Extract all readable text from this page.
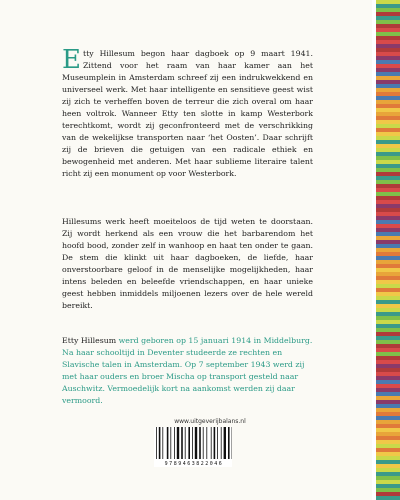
Etty Hillesum begon haar dagboek op 9 maart 1941. Zittend voor het raam van haar kamer aan het Museumplein in Amsterdam schreef zij een indrukwekkend en universeel werk. Met haar intelligente en sensitieve geest wist zij zich te verheffen boven de terreur die zich overal om haar heen voltrok. Wanneer Etty ten slotte in kamp Westerbork terechtkomt, wordt zij geconfronteerd met de verschrikking van de wekelijkse transporten naar ‘het Oosten’. Daar schrijft zij de brieven die getuigen van een radicale ethiek en bewogenheid met anderen. Met haar sublieme literaire talent richt zij een monument op voor Westerbork.

Hillesums werk heeft moeiteloos de tijd weten te doorstaan. Zij wordt herkend als een vrouw die het barbarendom het hoofd bood, zonder zelf in wanhoop en haat ten onder te gaan. De stem die klinkt uit haar dagboeken, de liefde, haar onverstoorbare geloof in de menselijke mogelijkheden, haar intens beleden en beleefde vriendschappen, en haar unieke geest hebben inmiddels miljoenen lezers over de hele wereld bereikt.

Etty Hillesum werd geboren op 15 januari 1914 in Middelburg. Na haar schooltijd in Deventer studeerde ze rechten en Slavische talen in Amsterdam. Op 7 september 1943 werd zij met haar ouders en broer Mischa op transport gesteld naar Auschwitz. Vermoedelijk kort na aankomst werden zij daar vermoord.

www.uitgeverijbalans.nl
9789463822046
